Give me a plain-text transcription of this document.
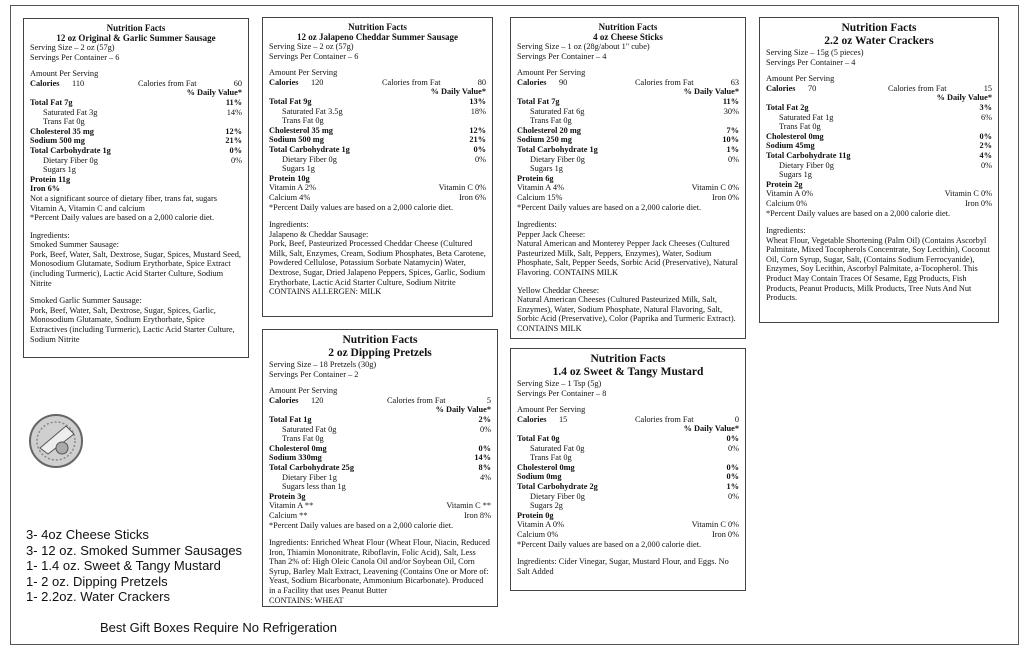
Nutrition Facts
12 oz Original & Garlic Summer Sausage
Serving Size – 2 oz (57g)
Servings Per Container – 6
Amount Per Serving
Calories	110	Calories from Fat	60
% Daily Value*
Total Fat 7g	11%
Saturated Fat 3g	14%
Trans Fat 0g
Cholesterol 35 mg	12%
Sodium 500 mg	21%
Total Carbohydrate 1g	0%
Dietary Fiber 0g	0%
Sugars 1g
Protein 11g
Iron 6%
Not a significant source of dietary fiber, trans fat, sugars
Vitamin A, Vitamin C and calcium
*Percent Daily values are based on a 2,000 calorie diet.
Ingredients:
Smoked Summer Sausage:
Pork, Beef, Water, Salt, Dextrose, Sugar, Spices, Mustard Seed, Monosodium Glutamate, Sodium Erythorbate, Spice Extract (including Turmeric), Lactic Acid Starter Culture, Sodium Nitrite
Smoked Garlic Summer Sausage:
Pork, Beef, Water, Salt, Dextrose, Sugar, Spices, Garlic, Monosodium Glutamate, Sodium Erythorbate, Spice Extractives (including Turmeric), Lactic Acid Starter Culture, Sodium Nitrite
Nutrition Facts
12 oz Jalapeno Cheddar Summer Sausage
Serving Size – 2 oz (57g)
Servings Per Container – 6
Amount Per Serving
Calories	120	Calories from Fat	80
% Daily Value*
Total Fat 9g	13%
Saturated Fat 3.5g	18%
Trans Fat 0g
Cholesterol 35 mg	12%
Sodium 500 mg	21%
Total Carbohydrate 1g	0%
Dietary Fiber 0g	0%
Sugars 1g
Protein 10g
Vitamin A 2%	Vitamin C 0%
Calcium 4%	Iron 6%
*Percent Daily values are based on a 2,000 calorie diet.
Ingredients:
Jalapeno & Cheddar Sausage:
Pork, Beef, Pasteurized Processed Cheddar Cheese (Cultured Milk, Salt, Enzymes, Cream, Sodium Phosphates, Beta Carotene, Powdered Cellulose, Potassium Sorbate Natamycin) Water, Dextrose, Sugar, Dried Jalapeno Peppers, Spices, Garlic, Sodium Erythorbate, Lactic Acid Starter Culture, Sodium Nitrite CONTAINS ALLERGEN: MILK
Nutrition Facts
4 oz Cheese Sticks
Serving Size – 1 oz (28g/about 1" cube)
Servings Per Container – 4
Amount Per Serving
Calories	90	Calories from Fat	63
% Daily Value*
Total Fat 7g	11%
Saturated Fat 6g	30%
Trans Fat 0g
Cholesterol 20 mg	7%
Sodium 250 mg	10%
Total Carbohydrate 1g	1%
Dietary Fiber 0g	0%
Sugars 1g
Protein 6g
Vitamin A 4%	Vitamin C 0%
Calcium 15%	Iron 0%
*Percent Daily values are based on a 2,000 calorie diet.
Ingredients:
Pepper Jack Cheese:
Natural American and Monterey Pepper Jack Cheeses (Cultured Pasteurized Milk, Salt, Peppers, Enzymes), Water, Sodium Phosphate, Salt, Pepper Seeds, Sorbic Acid (Preservative), Natural Flavoring. CONTAINS MILK
Yellow Cheddar Cheese:
Natural American Cheeses (Cultured Pasteurized Milk, Salt, Enzymes), Water, Sodium Phosphate, Natural Flavoring, Salt, Sorbic Acid (Preservative), Color (Paprika and Turmeric Extract). CONTAINS MILK
Nutrition Facts
2.2 oz Water Crackers
Serving Size – 15g (5 pieces)
Servings Per Container – 4
Amount Per Serving
Calories	70	Calories from Fat	15
% Daily Value*
Total Fat 2g	3%
Saturated Fat 1g	6%
Trans Fat 0g
Cholesterol 0mg	0%
Sodium 45mg	2%
Total Carbohydrate 11g	4%
Dietary Fiber 0g	0%
Sugars 1g
Protein 2g
Vitamin A 0%	Vitamin C 0%
Calcium 0%	Iron 0%
*Percent Daily values are based on a 2,000 calorie diet.
Ingredients:
Wheat Flour, Vegetable Shortening (Palm Oil) (Contains Ascorbyl Palmitate, Mixed Tocopherols Concentrate, Soy Lecithin), Coconut Oil, Corn Syrup, Sugar, Salt, (Contains Sodium Ferrocyanide), Enzymes, Soy Lecithin, Ascorbyl Palmitate, a-Tocopherol. This Product May Contain Traces Of Sesame, Egg Products, Fish Products, Peanut Products, Milk Products, Tree Nuts And Nut Products.
Nutrition Facts
2 oz Dipping Pretzels
Serving Size – 18 Pretzels (30g)
Servings Per Container – 2
Amount Per Serving
Calories	120	Calories from Fat	5
% Daily Value*
Total Fat 1g	2%
Saturated Fat 0g	0%
Trans Fat 0g
Cholesterol 0mg	0%
Sodium 330mg	14%
Total Carbohydrate 25g	8%
Dietary Fiber 1g	4%
Sugars less than 1g
Protein 3g
Vitamin A **	Vitamin C **
Calcium **	Iron 8%
*Percent Daily values are based on a 2,000 calorie diet.
Ingredients: Enriched Wheat Flour (Wheat Flour, Niacin, Reduced Iron, Thiamin Mononitrate, Riboflavin, Folic Acid), Salt, Less Than 2% of: High Oleic Canola Oil and/or Soybean Oil, Corn Syrup, Barley Malt Extract, Leavening (Contains One or More of: Yeast, Sodium Bicarbonate, Ammonium Bicarbonate). Produced in a Facility that uses Peanut Butter
CONTAINS: WHEAT
Nutrition Facts
1.4 oz Sweet & Tangy Mustard
Serving Size – 1 Tsp (5g)
Servings Per Container – 8
Amount Per Serving
Calories	15	Calories from Fat	0
% Daily Value*
Total Fat 0g	0%
Saturated Fat 0g	0%
Trans Fat 0g
Cholesterol 0mg	0%
Sodium 0mg	0%
Total Carbohydrate 2g	1%
Dietary Fiber 0g	0%
Sugars 2g
Protein 0g
Vitamin A 0%	Vitamin C 0%
Calcium 0%	Iron 0%
*Percent Daily values are based on a 2,000 calorie diet.
Ingredients: Cider Vinegar, Sugar, Mustard Flour, and Eggs. No Salt Added
3- 4oz Cheese Sticks
3- 12 oz. Smoked Summer Sausages
1- 1.4 oz. Sweet & Tangy Mustard
1- 2 oz. Dipping Pretzels
1- 2.2oz. Water Crackers
Best Gift Boxes Require No Refrigeration
